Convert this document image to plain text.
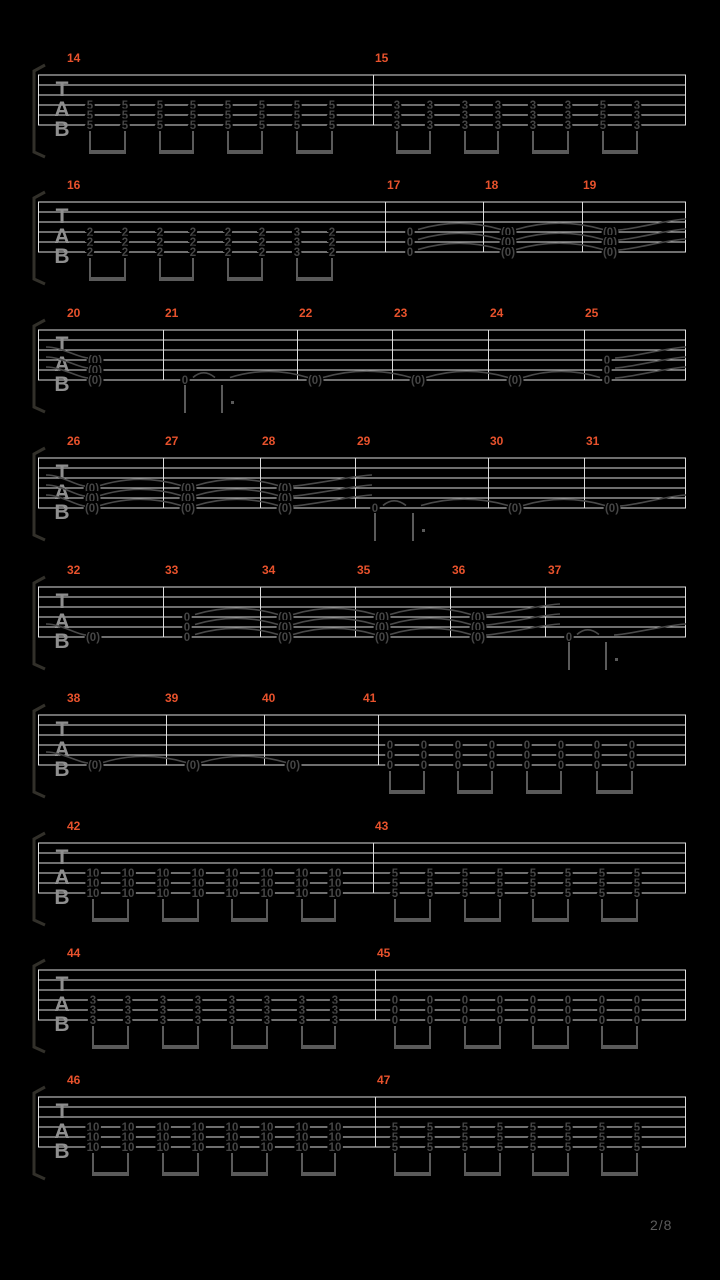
T
A
B
14
5
5
5
5
5
5
5
5
5
5
5
5
5
5
5
5
5
5
5
5
5
5
5
5
15
3
3
3
3
3
3
3
3
3
3
3
3
3
3
3
3
3
3
5
5
5
3
3
3
T
A
B
16
2
2
2
2
2
2
2
2
2
2
2
2
2
2
2
2
2
2
3
3
3
2
2
2
17
0
0
0
18
(0)
(0)
(0)
19
(0)
(0)
(0)
T
A
B
20
(0)
(0)
(0)
21
0
22
(0)
23
(0)
24
(0)
25
0
0
0
T
A
B
26
(0)
(0)
(0)
27
(0)
(0)
(0)
28
(0)
(0)
(0)
29
0
30
(0)
31
(0)
T
A
B
32
(0)
33
0
0
0
34
(0)
(0)
(0)
35
(0)
(0)
(0)
36
(0)
(0)
(0)
37
0
T
A
B
38
(0)
39
(0)
40
(0)
41
0
0
0
0
0
0
0
0
0
0
0
0
0
0
0
0
0
0
0
0
0
0
0
0
T
A
B
42
10
10
10
10
10
10
10
10
10
10
10
10
10
10
10
10
10
10
10
10
10
10
10
10
43
5
5
5
5
5
5
5
5
5
5
5
5
5
5
5
5
5
5
5
5
5
5
5
5
T
A
B
44
3
3
3
3
3
3
3
3
3
3
3
3
3
3
3
3
3
3
3
3
3
3
3
3
45
0
0
0
0
0
0
0
0
0
0
0
0
0
0
0
0
0
0
0
0
0
0
0
0
T
A
B
46
10
10
10
10
10
10
10
10
10
10
10
10
10
10
10
10
10
10
10
10
10
10
10
10
47
5
5
5
5
5
5
5
5
5
5
5
5
5
5
5
5
5
5
5
5
5
5
5
5
2/8
